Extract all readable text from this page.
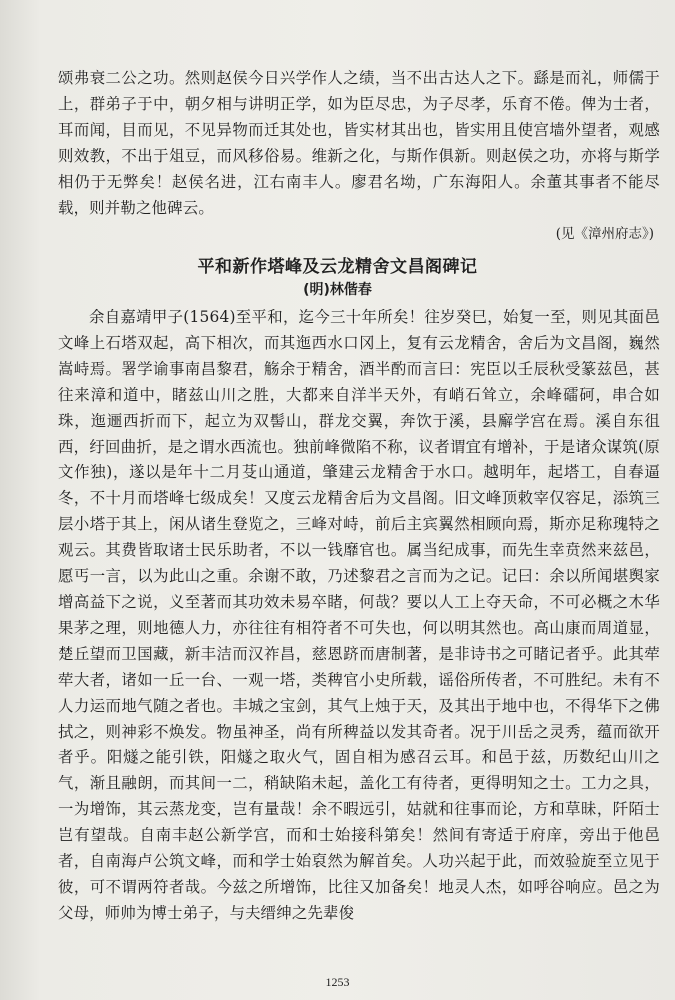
颂弗衰二公之功。然则赵侯今日兴学作人之绩，当不出古达人之下。繇是而礼，师儒于上，群弟子于中，朝夕相与讲明正学，如为臣尽忠，为子尽孝，乐育不倦。俾为士者，耳而闻，目而见，不见异物而迁其处也，皆实材其出也，皆实用且使宫墙外望者，观感则效教，不出于俎豆，而风移俗易。维新之化，与斯作俱新。则赵侯之功，亦将与斯学相仍于无弊矣！赵侯名进，江右南丰人。廖君名坳，广东海阳人。余董其事者不能尽载，则并勒之他碑云。

(见《漳州府志》)
平和新作塔峰及云龙精舍文昌阁碑记
(明)林偕春

余自嘉靖甲子(1564)至平和，迄今三十年所矣！往岁癸巳，始复一至，则见其面邑文峰上石塔双起，高下相次，而其迤西水口冈上，复有云龙精舍，舍后为文昌阁，巍然嵩峙焉。署学谕事南昌黎君，觞余于精舍，酒半酌而言曰：宪臣以壬辰秋受篆兹邑，甚往来漳和道中，睹兹山川之胜，大都来自洋半天外，有峭石耸立，余峰礌砢，串合如珠，迤逦西折而下，起立为双髻山，群龙交翼，奔饮于溪，县廨学宫在焉。溪自东徂西，纡回曲折，是之谓水西流也。独前峰微陷不称，议者谓宜有增补，于是诸众谋筑(原文作独)，遂以是年十二月芟山通道，肇建云龙精舍于水口。越明年，起塔工，自春逼冬，不十月而塔峰七级成矣！又度云龙精舍后为文昌阁。旧文峰顶敕宰仅容足，添筑三层小塔于其上，闲从诸生登览之，三峰对峙，前后主宾翼然相顾向焉，斯亦足称瑰特之观云。其费皆取诸士民乐助者，不以一钱靡官也。属当纪成事，而先生幸贲然来兹邑，愿丐一言，以为此山之重。余谢不敢，乃述黎君之言而为之记。记曰：余以所闻堪舆家增高益下之说，义至著而其功效未易卒睹，何哉？要以人工上夺天命，不可必概之木华果茅之理，则地德人力，亦往往有相符者不可失也，何以明其然也。高山康而周道显，楚丘望而卫国藏，新丰洁而汉祚昌，慈恩跻而唐制著，是非诗书之可睹记者乎。此其荦荦大者，诸如一丘一台、一观一塔，类稗官小史所载，谣俗所传者，不可胜纪。未有不人力运而地气随之者也。丰城之宝剑，其气上烛于天，及其出于地中也，不得华下之佛拭之，则神彩不焕发。物虽神圣，尚有所稗益以发其奇者。况于川岳之灵秀，蕴而欲开者乎。阳燧之能引铁，阳燧之取火气，固自相为感召云耳。和邑于兹，历数纪山川之气，渐且融朗，而其间一二，稍缺陷未起，盖化工有待者，更得明知之士。工力之具，一为增饰，其云蒸龙变，岂有量哉！余不暇远引，姑就和往事而论，方和草昧，阡陌士岂有望哉。自南丰赵公新学宫，而和士始接科第矣！然间有寄适于府庠，旁出于他邑者，自南海卢公筑文峰，而和学士始裒然为解首矣。人功兴起于此，而效验旋至立见于彼，可不谓两符者哉。今兹之所增饰，比往又加备矣！地灵人杰，如呼谷响应。邑之为父母，师帅为博士弟子，与夫缙绅之先辈俊

1253
